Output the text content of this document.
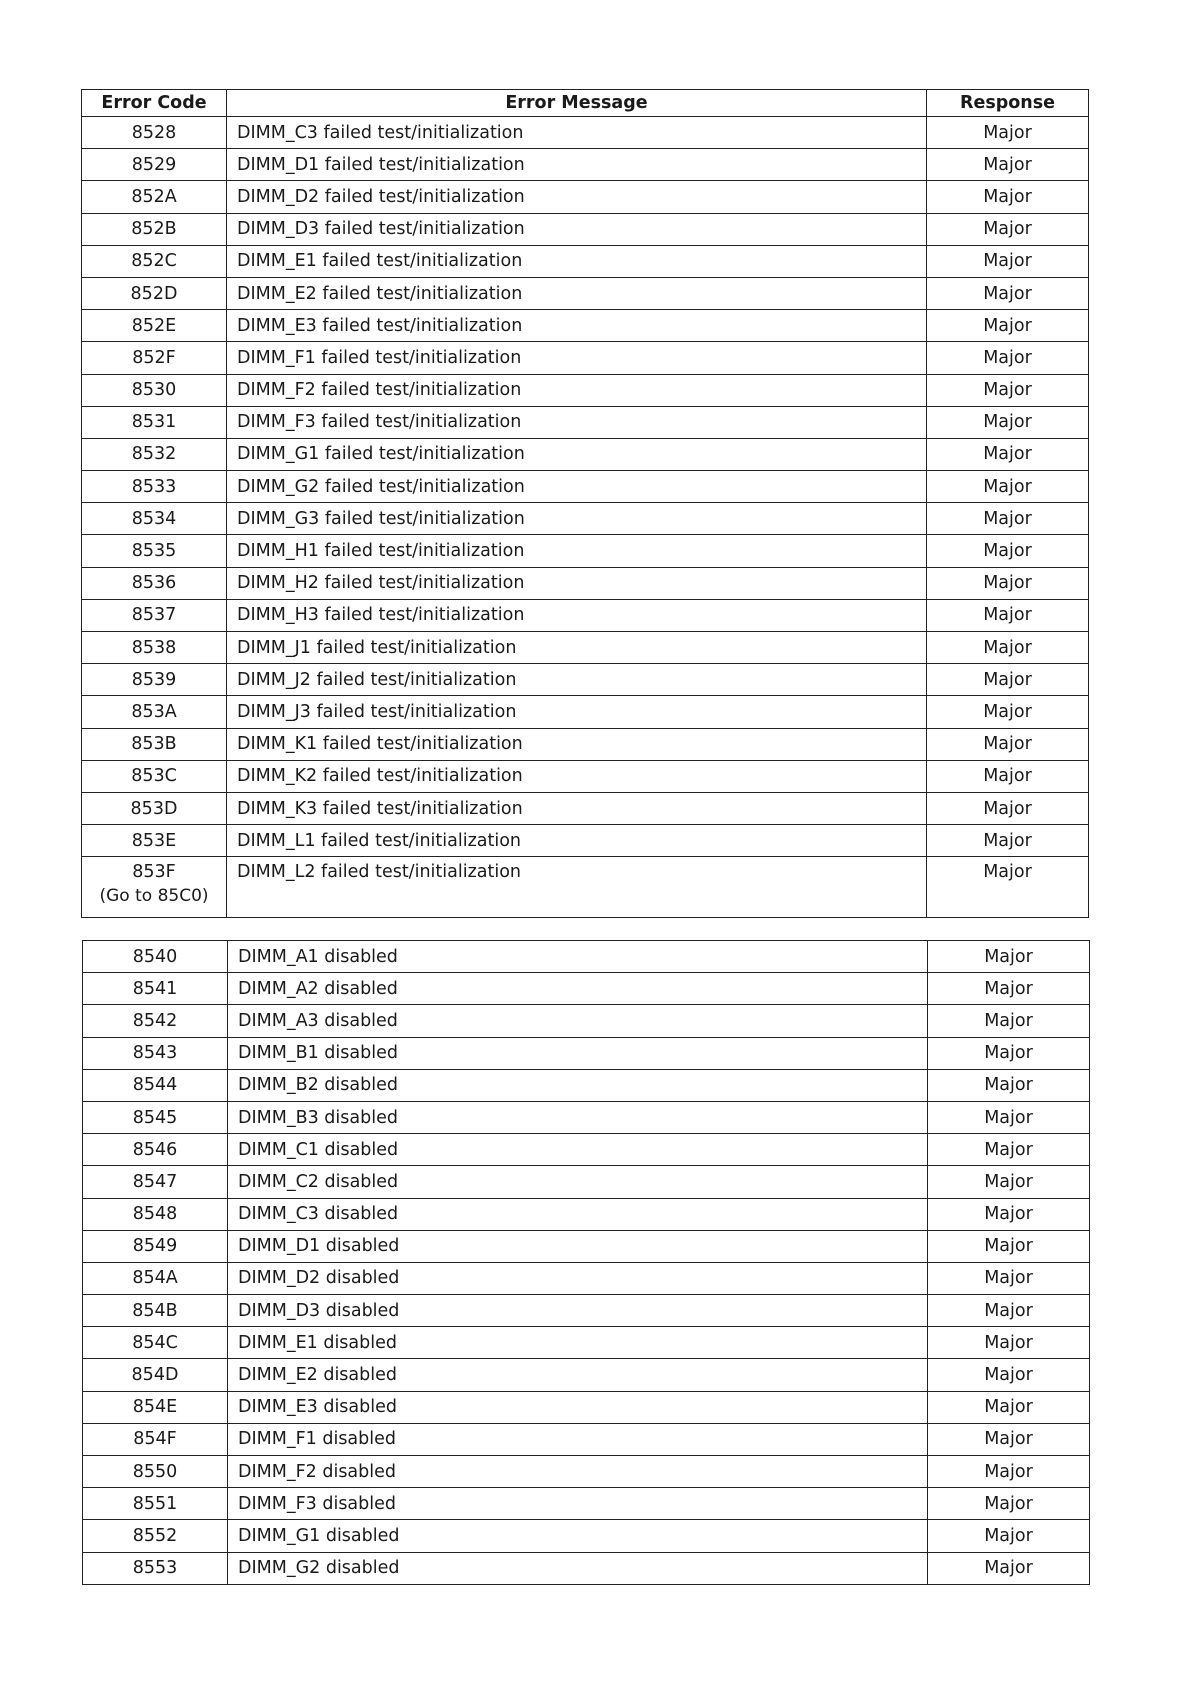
Error Code	Error Message	Response
8528	DIMM_C3 failed test/initialization	Major
8529	DIMM_D1 failed test/initialization	Major
852A	DIMM_D2 failed test/initialization	Major
852B	DIMM_D3 failed test/initialization	Major
852C	DIMM_E1 failed test/initialization	Major
852D	DIMM_E2 failed test/initialization	Major
852E	DIMM_E3 failed test/initialization	Major
852F	DIMM_F1 failed test/initialization	Major
8530	DIMM_F2 failed test/initialization	Major
8531	DIMM_F3 failed test/initialization	Major
8532	DIMM_G1 failed test/initialization	Major
8533	DIMM_G2 failed test/initialization	Major
8534	DIMM_G3 failed test/initialization	Major
8535	DIMM_H1 failed test/initialization	Major
8536	DIMM_H2 failed test/initialization	Major
8537	DIMM_H3 failed test/initialization	Major
8538	DIMM_J1 failed test/initialization	Major
8539	DIMM_J2 failed test/initialization	Major
853A	DIMM_J3 failed test/initialization	Major
853B	DIMM_K1 failed test/initialization	Major
853C	DIMM_K2 failed test/initialization	Major
853D	DIMM_K3 failed test/initialization	Major
853E	DIMM_L1 failed test/initialization	Major
853F
(Go to 85C0)	DIMM_L2 failed test/initialization	Major
8540	DIMM_A1 disabled	Major
8541	DIMM_A2 disabled	Major
8542	DIMM_A3 disabled	Major
8543	DIMM_B1 disabled	Major
8544	DIMM_B2 disabled	Major
8545	DIMM_B3 disabled	Major
8546	DIMM_C1 disabled	Major
8547	DIMM_C2 disabled	Major
8548	DIMM_C3 disabled	Major
8549	DIMM_D1 disabled	Major
854A	DIMM_D2 disabled	Major
854B	DIMM_D3 disabled	Major
854C	DIMM_E1 disabled	Major
854D	DIMM_E2 disabled	Major
854E	DIMM_E3 disabled	Major
854F	DIMM_F1 disabled	Major
8550	DIMM_F2 disabled	Major
8551	DIMM_F3 disabled	Major
8552	DIMM_G1 disabled	Major
8553	DIMM_G2 disabled	Major
